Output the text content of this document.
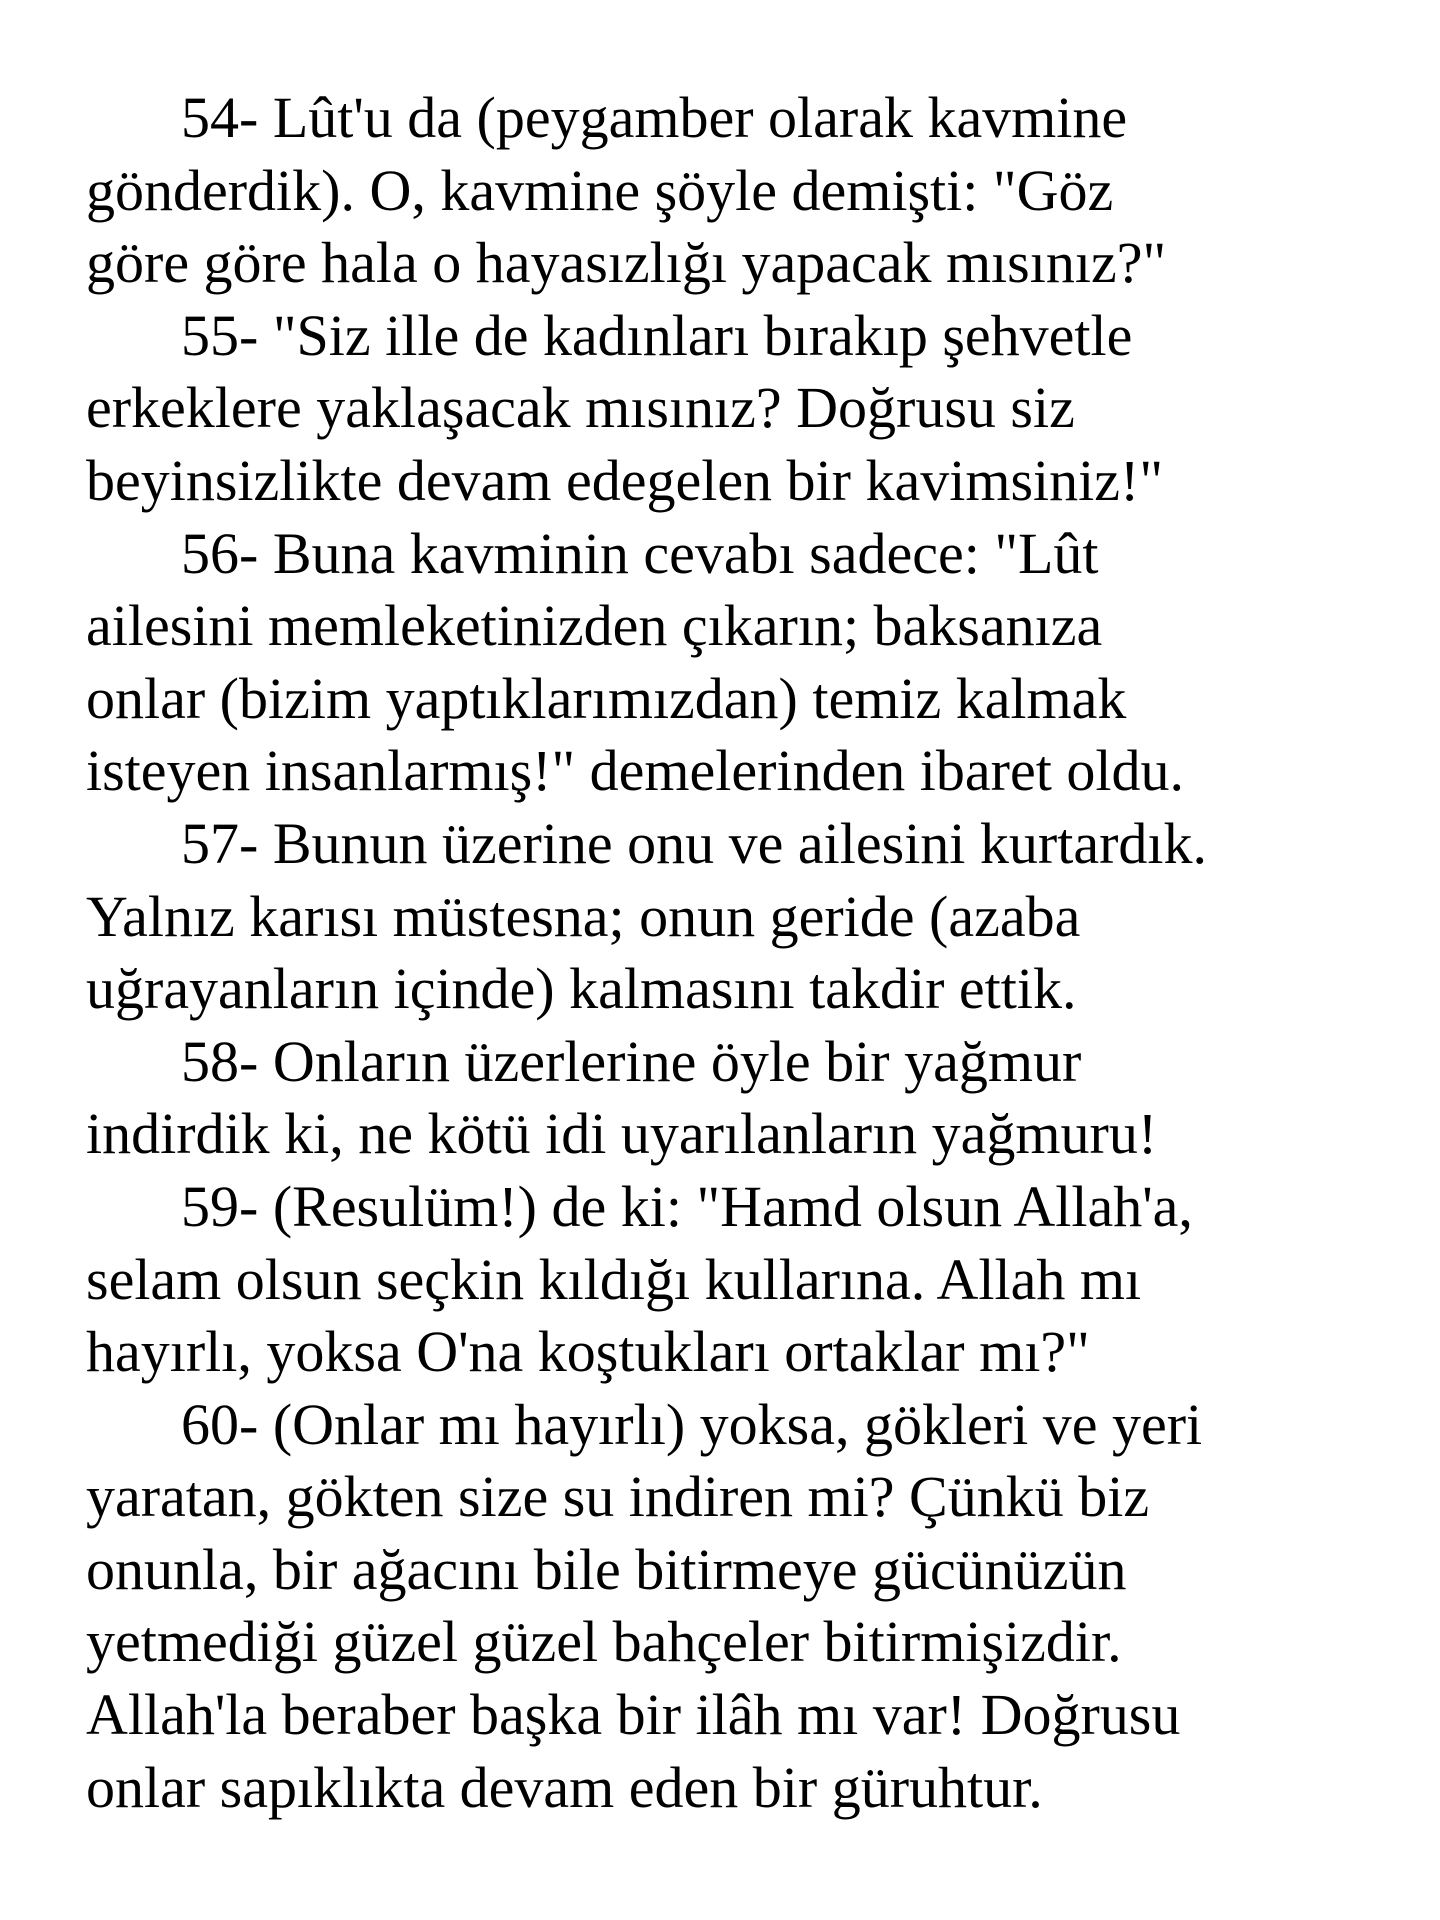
54- Lût'u da (peygamber olarak kavmine
gönderdik). O, kavmine şöyle demişti: "Göz
göre göre hala o hayasızlığı yapacak mısınız?"
55- "Siz ille de kadınları bırakıp şehvetle
erkeklere yaklaşacak mısınız? Doğrusu siz
beyinsizlikte devam edegelen bir kavimsiniz!"
56- Buna kavminin cevabı sadece: "Lût
ailesini memleketinizden çıkarın; baksanıza
onlar (bizim yaptıklarımızdan) temiz kalmak
isteyen insanlarmış!" demelerinden ibaret oldu.
57- Bunun üzerine onu ve ailesini kurtardık.
Yalnız karısı müstesna; onun geride (azaba
uğrayanların içinde) kalmasını takdir ettik.
58- Onların üzerlerine öyle bir yağmur
indirdik ki, ne kötü idi uyarılanların yağmuru!
59- (Resulüm!) de ki: "Hamd olsun Allah'a,
selam olsun seçkin kıldığı kullarına. Allah mı
hayırlı, yoksa O'na koştukları ortaklar mı?"
60- (Onlar mı hayırlı) yoksa, gökleri ve yeri
yaratan, gökten size su indiren mi? Çünkü biz
onunla, bir ağacını bile bitirmeye gücünüzün
yetmediği güzel güzel bahçeler bitirmişizdir.
Allah'la beraber başka bir ilâh mı var! Doğrusu
onlar sapıklıkta devam eden bir güruhtur.
